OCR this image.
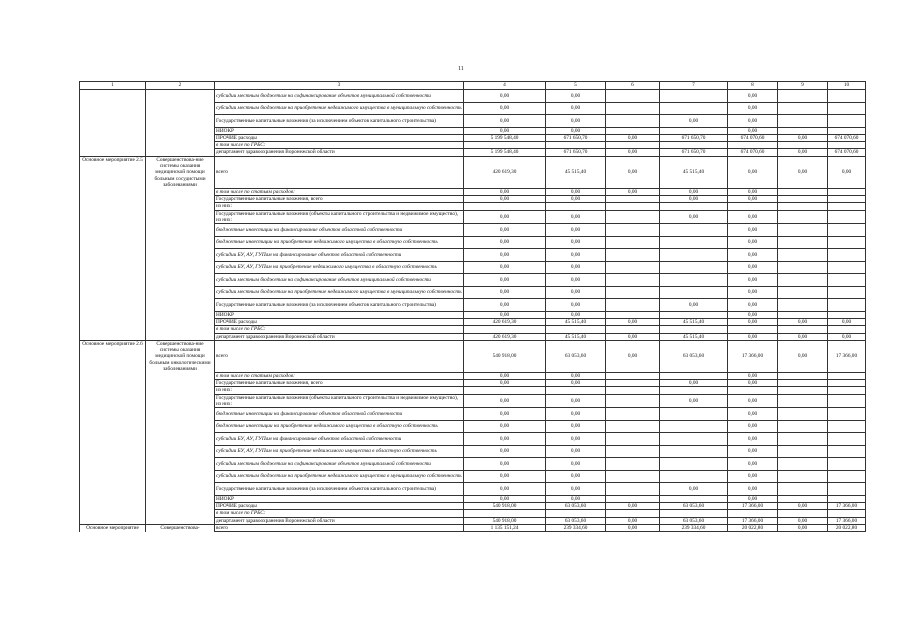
11
1	2	3	4	5	6	7	8	9	10
		субсидии местным бюджетам на софинансирование объектов муниципальной собственности	0,00	0,00			0,00		
		субсидии местным бюджетам на приобретение недвижимого имущества в муниципальную собственность	0,00	0,00			0,00		
		Государственные капитальные вложения (за исключением объектов капитального строительства)	0,00	0,00		0,00	0,00		
		НИОКР	0,00	0,00			0,00		
		ПРОЧИЕ расходы	5 199 548,40	671 650,70	0,00	671 650,70	674 070,60	0,00	674 070,60
		в том числе по ГРБС:							
		департамент здравоохранения Воронежской области	5 199 548,40	671 650,70	0,00	671 650,70	674 070,60	0,00	674 070,60
Основное мероприятие 2.5	Совершенствова-ние системы оказания медицинской помощи больным сосудистыми заболеваниями	всего	420 619,30	45 515,40	0,00	45 515,40	0,00	0,00	0,00
		в том числе по статьям расходов:	0,00	0,00	0,00	0,00	0,00		
		Государственные капитальные вложения, всего	0,00	0,00		0,00	0,00		
		из них:							
		Государственные капитальные вложения (объекты капитального строительства и недвижимое имущество), из них:	0,00	0,00		0,00	0,00		
		бюджетные инвестиции на финансирование объектов областной собственности	0,00	0,00			0,00		
		бюджетные инвестиции на приобретение недвижимого имущества в областную собственность	0,00	0,00			0,00		
		субсидии БУ, АУ, ГУПам на финансирование объектов областной собственности	0,00	0,00			0,00		
		субсидии БУ, АУ, ГУПам на приобретение недвижимого имущества в областную собственность	0,00	0,00			0,00		
		субсидии местным бюджетам на софинансирование объектов муниципальной собственности	0,00	0,00			0,00		
		субсидии местным бюджетам на приобретение недвижимого имущества в муниципальную собственность	0,00	0,00			0,00		
		Государственные капитальные вложения (за исключением объектов капитального строительства)	0,00	0,00		0,00	0,00		
		НИОКР	0,00	0,00			0,00		
		ПРОЧИЕ расходы	420 619,30	45 515,40	0,00	45 515,40	0,00	0,00	0,00
		в том числе по ГРБС:							
		департамент здравоохранения Воронежской области	420 619,30	45 515,40	0,00	45 515,40	0,00	0,00	0,00
Основное мероприятие 2.6	Совершенствова-ние системы оказания медицинской помощи больным онкологическими заболеваниями	всего	540 918,00	63 053,60	0,00	63 053,60	17 366,00	0,00	17 366,00
		в том числе по статьям расходов:	0,00	0,00			0,00		
		Государственные капитальные вложения, всего	0,00	0,00		0,00	0,00		
		из них:							
		Государственные капитальные вложения (объекты капитального строительства и недвижимое имущество), из них:	0,00	0,00		0,00	0,00		
		бюджетные инвестиции на финансирование объектов областной собственности	0,00	0,00			0,00		
		бюджетные инвестиции на приобретение недвижимого имущества в областную собственность	0,00	0,00			0,00		
		субсидии БУ, АУ, ГУПам на финансирование объектов областной собственности	0,00	0,00			0,00		
		субсидии БУ, АУ, ГУПам на приобретение недвижимого имущества в областную собственность	0,00	0,00			0,00		
		субсидии местным бюджетам на софинансирование объектов муниципальной собственности	0,00	0,00			0,00		
		субсидии местным бюджетам на приобретение недвижимого имущества в муниципальную собственность	0,00	0,00			0,00		
		Государственные капитальные вложения (за исключением объектов капитального строительства)	0,00	0,00		0,00	0,00		
		НИОКР	0,00	0,00			0,00		
		ПРОЧИЕ расходы	540 918,00	63 053,60	0,00	63 053,60	17 366,00	0,00	17 366,00
		в том числе по ГРБС:							
		департамент здравоохранения Воронежской области	540 918,00	63 053,60	0,00	63 053,60	17 366,00	0,00	17 366,00
Основное мероприятие	Совершенствова-	всего	1 135 151,24	239 334,60	0,00	239 334,60	20 022,80	0,00	20 022,80
